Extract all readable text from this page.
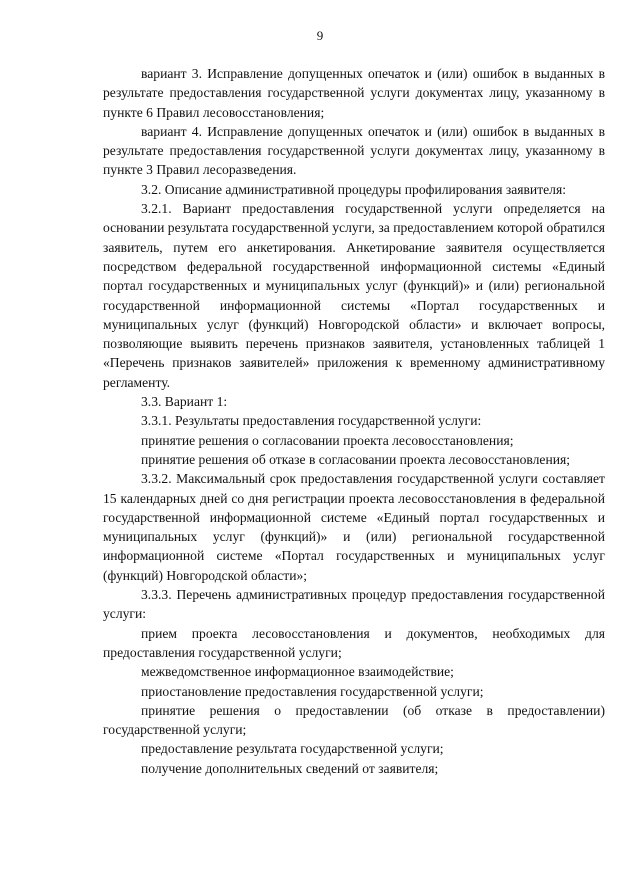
9

вариант 3. Исправление допущенных опечаток и (или) ошибок в выданных в результате предоставления государственной услуги документах лицу, указанному в пункте 6 Правил лесовосстановления;

вариант 4. Исправление допущенных опечаток и (или) ошибок в выданных в результате предоставления государственной услуги документах лицу, указанному в пункте 3 Правил лесоразведения.

3.2. Описание административной процедуры профилирования заявителя:

3.2.1. Вариант предоставления государственной услуги определяется на основании результата государственной услуги, за предоставлением которой обратился заявитель, путем его анкетирования. Анкетирование заявителя осуществляется посредством федеральной государственной информационной системы «Единый портал государственных и муниципальных услуг (функций)» и (или) региональной государственной информационной системы «Портал государственных и муниципальных услуг (функций) Новгородской области» и включает вопросы, позволяющие выявить перечень признаков заявителя, установленных таблицей 1 «Перечень признаков заявителей» приложения к временному административному регламенту.

3.3. Вариант 1:

3.3.1. Результаты предоставления государственной услуги:

принятие решения о согласовании проекта лесовосстановления;

принятие решения об отказе в согласовании проекта лесовосстановления;

3.3.2. Максимальный срок предоставления государственной услуги составляет 15 календарных дней со дня регистрации проекта лесовосстановления в федеральной государственной информационной системе «Единый портал государственных и муниципальных услуг (функций)» и (или) региональной государственной информационной системе «Портал государственных и муниципальных услуг (функций) Новгородской области»;

3.3.3. Перечень административных процедур предоставления государственной услуги:

прием проекта лесовосстановления и документов, необходимых для предоставления государственной услуги;

межведомственное информационное взаимодействие;

приостановление предоставления государственной услуги;

принятие решения о предоставлении (об отказе в предоставлении) государственной услуги;

предоставление результата государственной услуги;

получение дополнительных сведений от заявителя;
